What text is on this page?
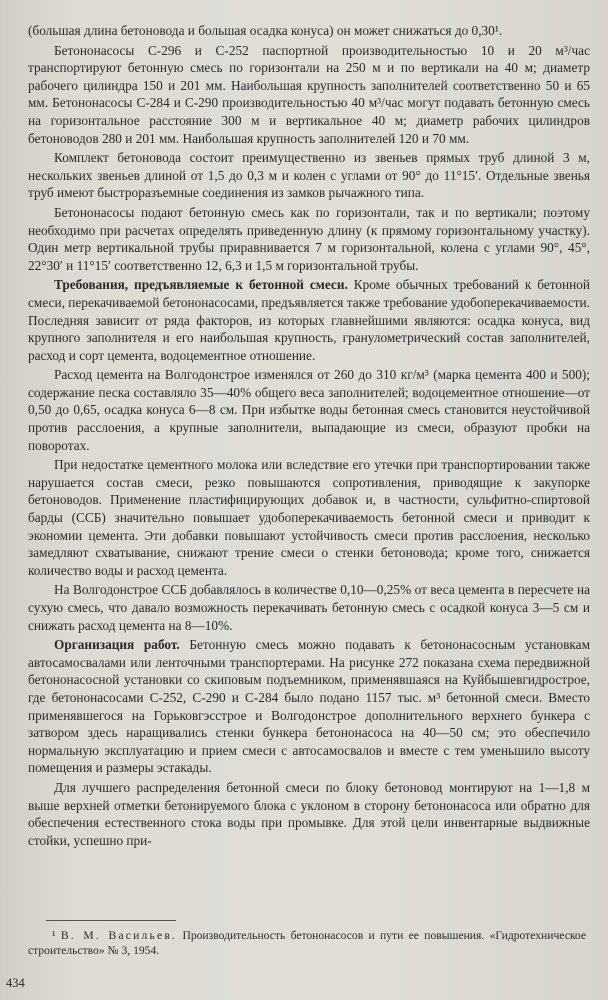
(большая длина бетоновода и большая осадка конуса) он может снижаться до 0,30¹.

Бетононасосы С-296 и С-252 паспортной производительностью 10 и 20 м³/час транспортируют бетонную смесь по горизонтали на 250 м и по вертикали на 40 м; диаметр рабочего цилиндра 150 и 201 мм. Наибольшая крупность заполнителей соответственно 50 и 65 мм. Бетононасосы С-284 и С-290 производительностью 40 м³/час могут подавать бетонную смесь на горизонтальное расстояние 300 м и вертикальное 40 м; диаметр рабочих цилиндров бетоноводов 280 и 201 мм. Наибольшая крупность заполнителей 120 и 70 мм.

Комплект бетоновода состоит преимущественно из звеньев прямых труб длиной 3 м, нескольких звеньев длиной от 1,5 до 0,3 м и колен с углами от 90° до 11°15′. Отдельные звенья труб имеют быстроразъемные соединения из замков рычажного типа.

Бетононасосы подают бетонную смесь как по горизонтали, так и по вертикали; поэтому необходимо при расчетах определять приведенную длину (к прямому горизонтальному участку). Один метр вертикальной трубы приравнивается 7 м горизонтальной, колена с углами 90°, 45°, 22°30′ и 11°15′ соответственно 12, 6,3 и 1,5 м горизонтальной трубы.

Требования, предъявляемые к бетонной смеси. Кроме обычных требований к бетонной смеси, перекачиваемой бетононасосами, предъявляется также требование удобоперекачиваемости. Последняя зависит от ряда факторов, из которых главнейшими являются: осадка конуса, вид крупного заполнителя и его наибольшая крупность, гранулометрический состав заполнителей, расход и сорт цемента, водоцементное отношение.

Расход цемента на Волгодонстрое изменялся от 260 до 310 кг/м³ (марка цемента 400 и 500); содержание песка составляло 35—40% общего веса заполнителей; водоцементное отношение—от 0,50 до 0,65, осадка конуса 6—8 см. При избытке воды бетонная смесь становится неустойчивой против расслоения, а крупные заполнители, выпадающие из смеси, образуют пробки на поворотах.

При недостатке цементного молока или вследствие его утечки при транспортировании также нарушается состав смеси, резко повышаются сопротивления, приводящие к закупорке бетоноводов. Применение пластифицирующих добавок и, в частности, сульфитно-спиртовой барды (ССБ) значительно повышает удобоперекачиваемость бетонной смеси и приводит к экономии цемента. Эти добавки повышают устойчивость смеси против расслоения, несколько замедляют схватывание, снижают трение смеси о стенки бетоновода; кроме того, снижается количество воды и расход цемента.

На Волгодонстрое ССБ добавлялось в количестве 0,10—0,25% от веса цемента в пересчете на сухую смесь, что давало возможность перекачивать бетонную смесь с осадкой конуса 3—5 см и снижать расход цемента на 8—10%.

Организация работ. Бетонную смесь можно подавать к бетононасосным установкам автосамосвалами или ленточными транспортерами. На рисунке 272 показана схема передвижной бетононасосной установки со скиповым подъемником, применявшаяся на Куйбышевгидрострое, где бетононасосами С-252, С-290 и С-284 было подано 1157 тыс. м³ бетонной смеси. Вместо применявшегося на Горьковгэсстрое и Волгодонстрое дополнительного верхнего бункера с затвором здесь наращивались стенки бункера бетононасоса на 40—50 см; это обеспечило нормальную эксплуатацию и прием смеси с автосамосвалов и вместе с тем уменьшило высоту помещения и размеры эстакады.

Для лучшего распределения бетонной смеси по блоку бетоновод монтируют на 1—1,8 м выше верхней отметки бетонируемого блока с уклоном в сторону бетононасоса или обратно для обеспечения естественного стока воды при промывке. Для этой цели инвентарные выдвижные стойки, успешно при-

¹ В. М. Васильев. Производительность бетононасосов и пути ее повышения. «Гидротехническое строительство» № 3, 1954.
434
